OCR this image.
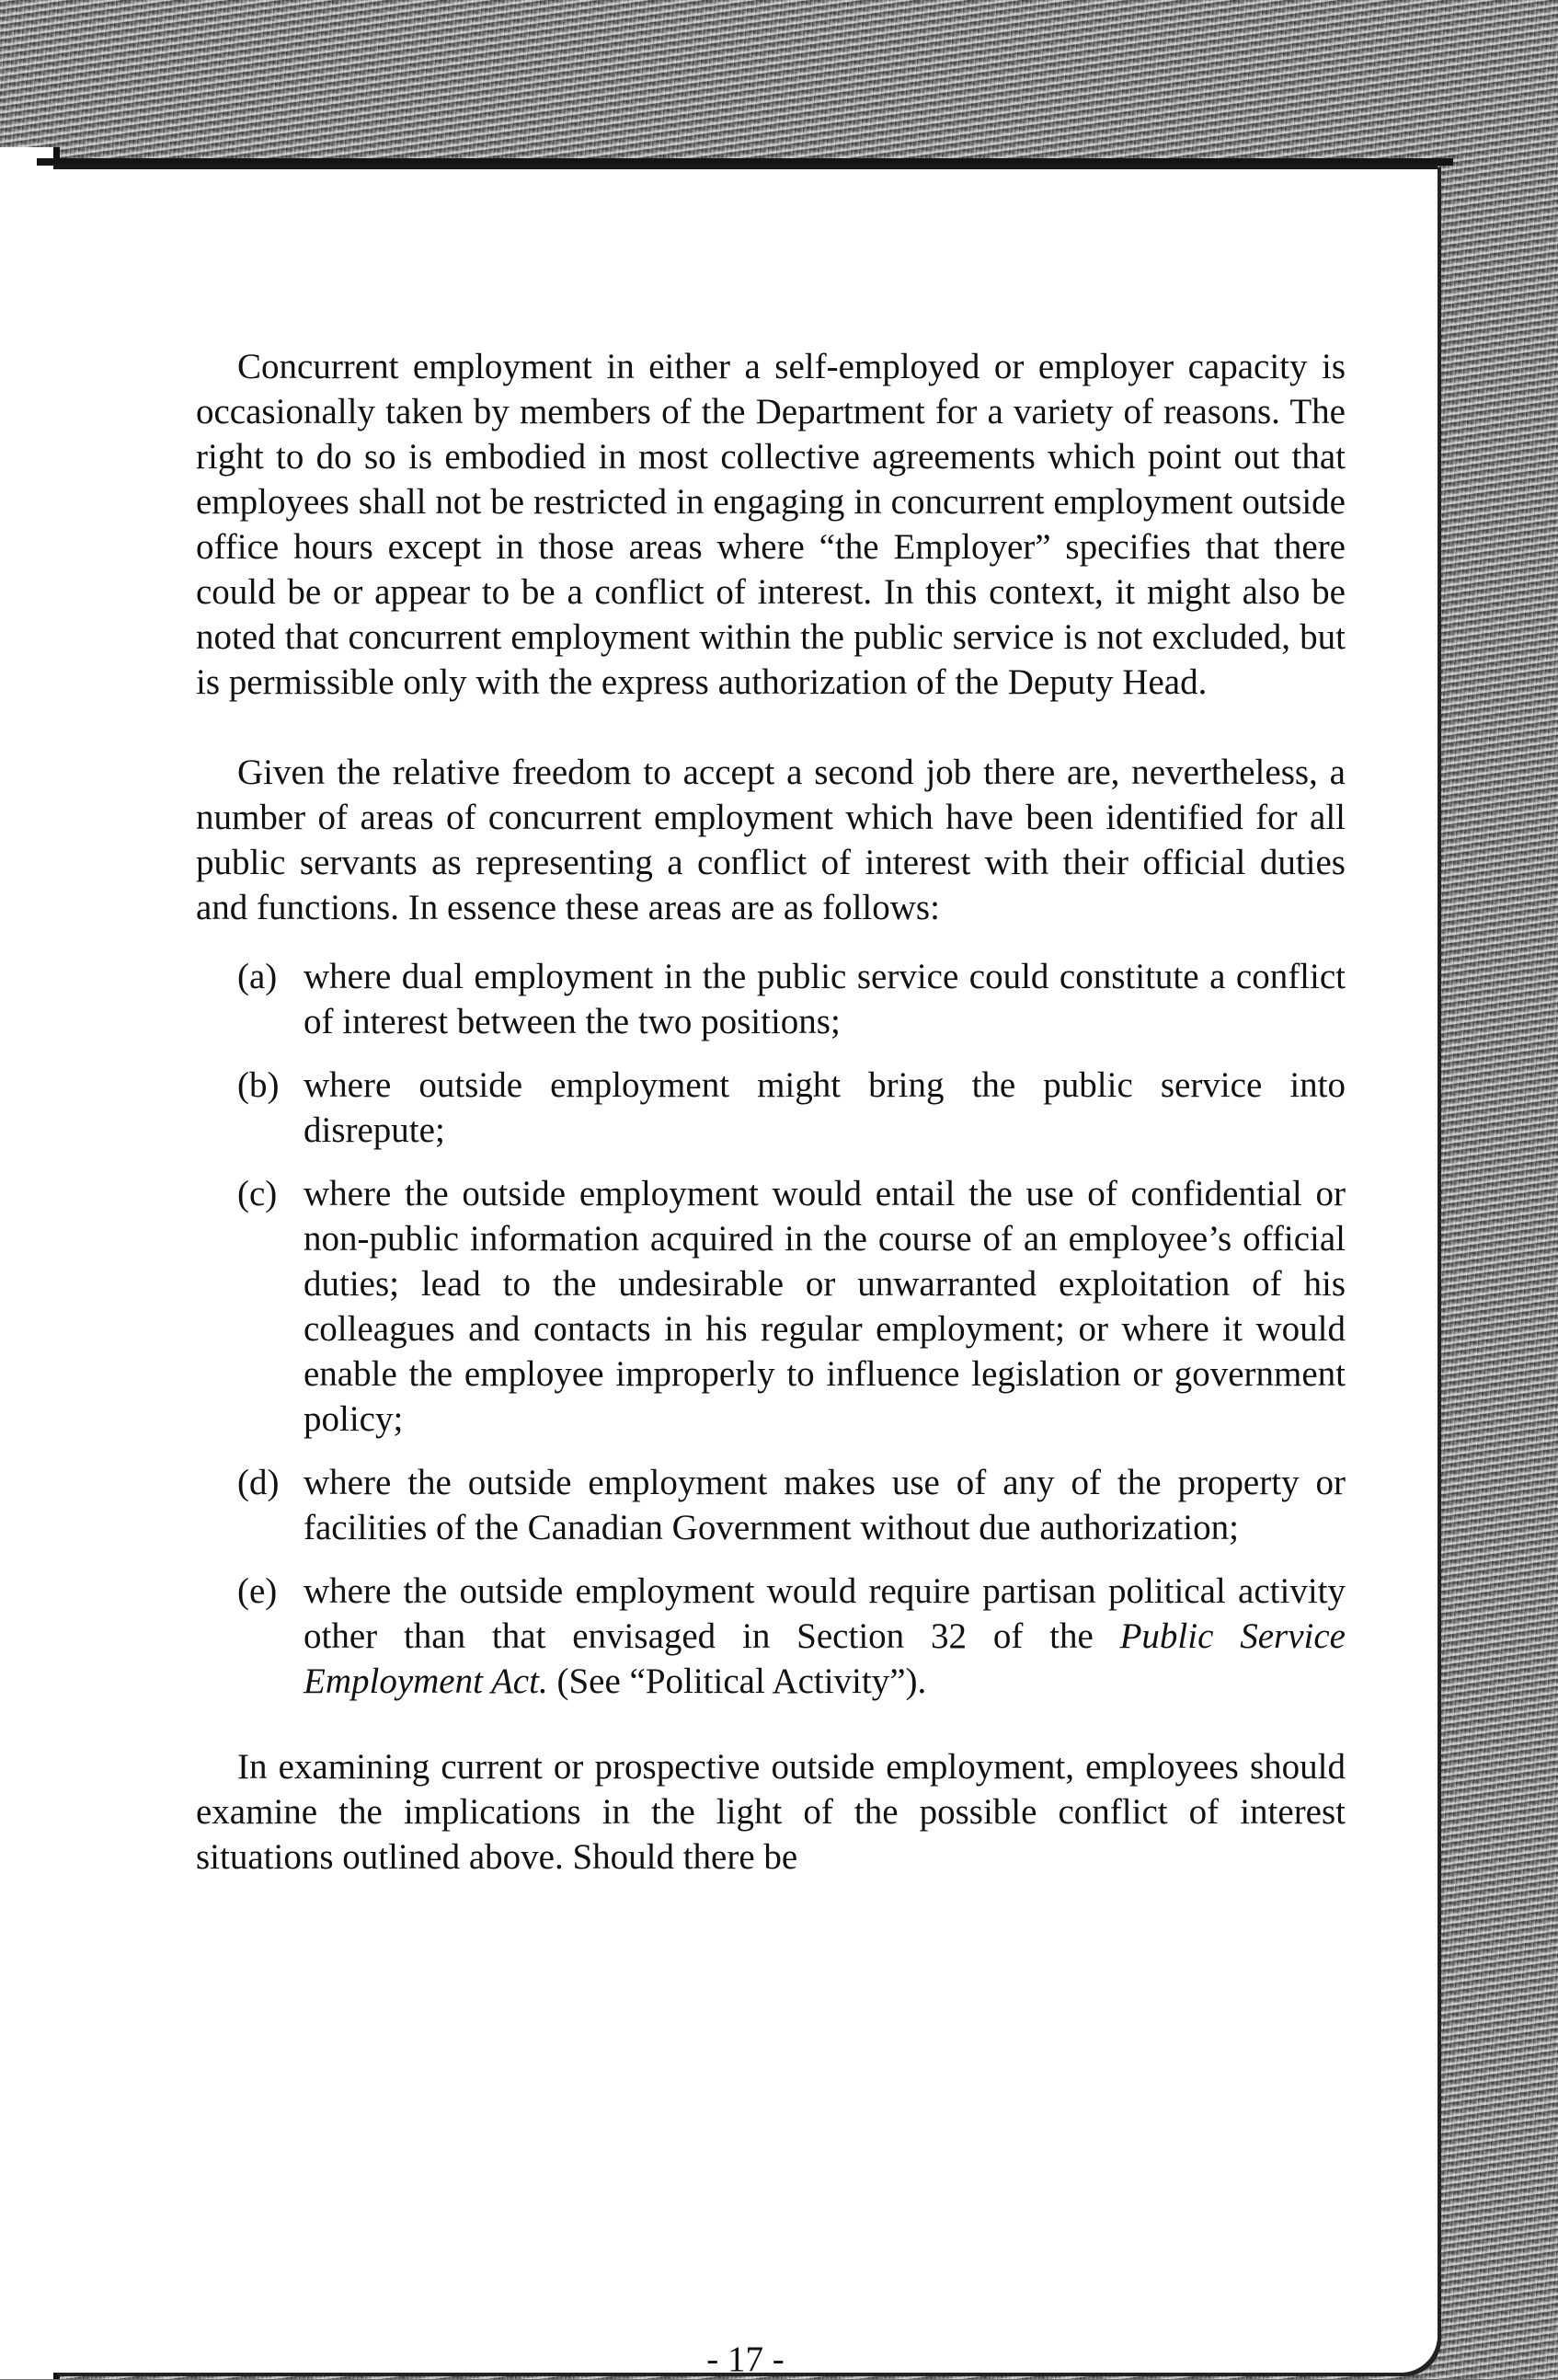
Concurrent employment in either a self-employed or employer capacity is occasionally taken by members of the Department for a variety of reasons. The right to do so is embodied in most collective agreements which point out that employees shall not be restricted in engaging in concurrent employment outside office hours except in those areas where “the Employer” specifies that there could be or appear to be a conflict of interest. In this context, it might also be noted that concurrent employment within the public service is not excluded, but is permissible only with the express authorization of the Deputy Head.

Given the relative freedom to accept a second job there are, nevertheless, a number of areas of concurrent employment which have been identified for all public servants as representing a conflict of interest with their official duties and functions. In essence these areas are as follows:

(a) where dual employment in the public service could constitute a conflict of interest between the two positions;
(b) where outside employment might bring the public service into disrepute;
(c) where the outside employment would entail the use of confidential or non-public information acquired in the course of an employee’s official duties; lead to the undesirable or unwarranted exploitation of his colleagues and contacts in his regular employment; or where it would enable the employee improperly to influence legislation or government policy;
(d) where the outside employment makes use of any of the property or facilities of the Canadian Government without due authorization;
(e) where the outside employment would require partisan political activity other than that envisaged in Section 32 of the Public Service Employment Act. (See “Political Activity”).

In examining current or prospective outside employment, employees should examine the implications in the light of the possible conflict of interest situations outlined above. Should there be

- 17 -
